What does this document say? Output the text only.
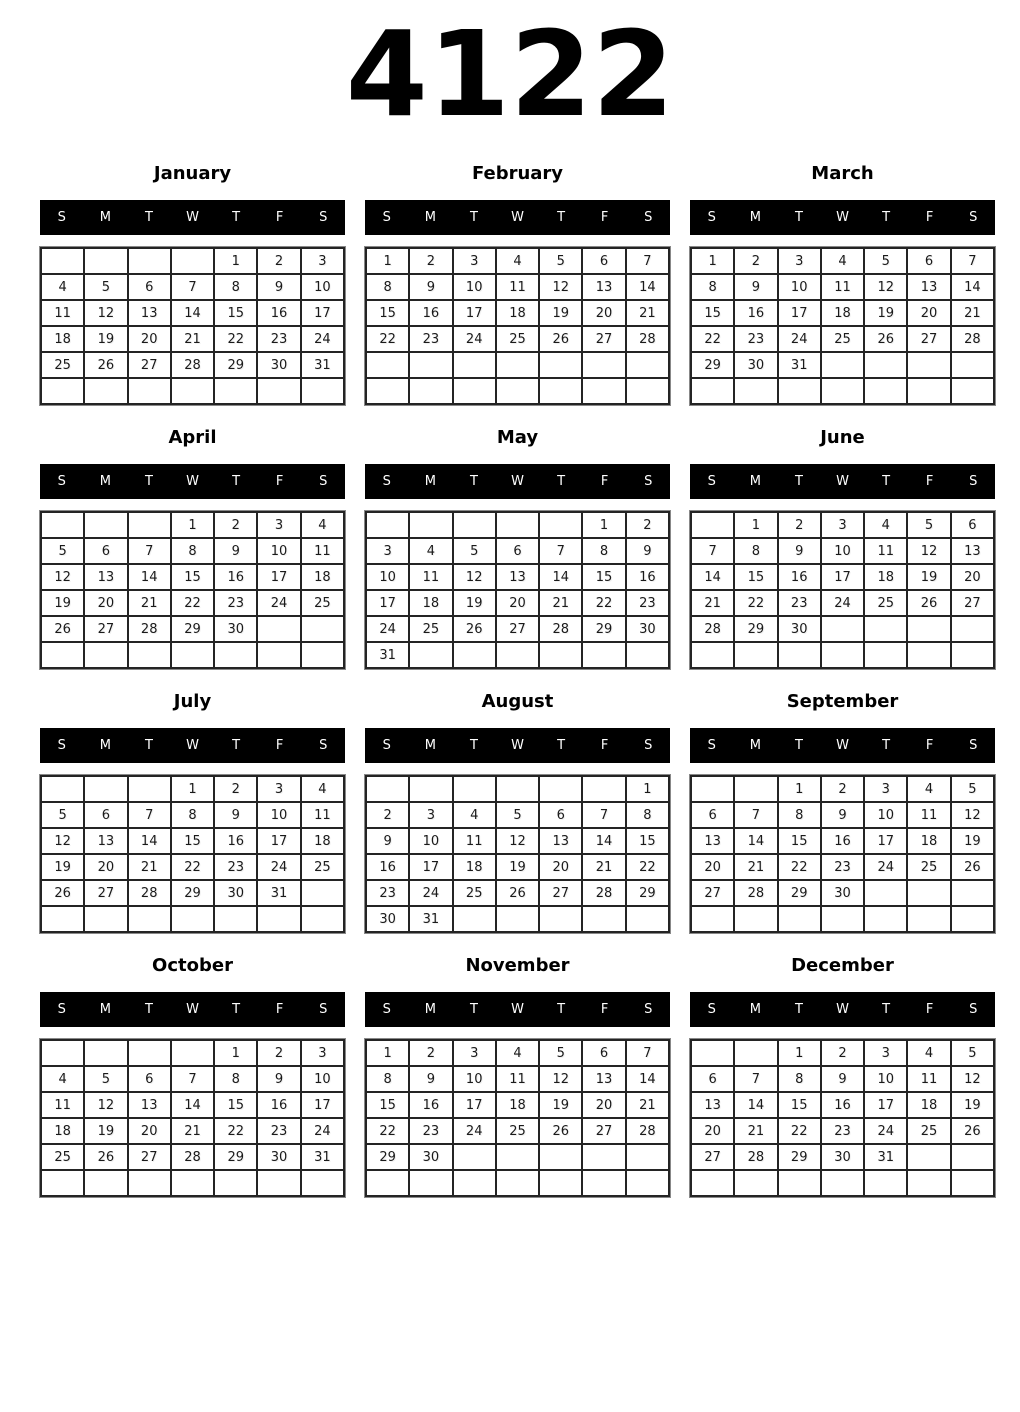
4122
January
S	M	T	W	T	F	S
				1	2	3
4	5	6	7	8	9	10
11	12	13	14	15	16	17
18	19	20	21	22	23	24
25	26	27	28	29	30	31

February
S	M	T	W	T	F	S
1	2	3	4	5	6	7
8	9	10	11	12	13	14
15	16	17	18	19	20	21
22	23	24	25	26	27	28

March
S	M	T	W	T	F	S
1	2	3	4	5	6	7
8	9	10	11	12	13	14
15	16	17	18	19	20	21
22	23	24	25	26	27	28
29	30	31				

April
S	M	T	W	T	F	S
			1	2	3	4
5	6	7	8	9	10	11
12	13	14	15	16	17	18
19	20	21	22	23	24	25
26	27	28	29	30		

May
S	M	T	W	T	F	S
					1	2
3	4	5	6	7	8	9
10	11	12	13	14	15	16
17	18	19	20	21	22	23
24	25	26	27	28	29	30
31						
June
S	M	T	W	T	F	S
	1	2	3	4	5	6
7	8	9	10	11	12	13
14	15	16	17	18	19	20
21	22	23	24	25	26	27
28	29	30				

July
S	M	T	W	T	F	S
			1	2	3	4
5	6	7	8	9	10	11
12	13	14	15	16	17	18
19	20	21	22	23	24	25
26	27	28	29	30	31	

August
S	M	T	W	T	F	S
						1
2	3	4	5	6	7	8
9	10	11	12	13	14	15
16	17	18	19	20	21	22
23	24	25	26	27	28	29
30	31					
September
S	M	T	W	T	F	S
		1	2	3	4	5
6	7	8	9	10	11	12
13	14	15	16	17	18	19
20	21	22	23	24	25	26
27	28	29	30			

October
S	M	T	W	T	F	S
				1	2	3
4	5	6	7	8	9	10
11	12	13	14	15	16	17
18	19	20	21	22	23	24
25	26	27	28	29	30	31

November
S	M	T	W	T	F	S
1	2	3	4	5	6	7
8	9	10	11	12	13	14
15	16	17	18	19	20	21
22	23	24	25	26	27	28
29	30					

December
S	M	T	W	T	F	S
		1	2	3	4	5
6	7	8	9	10	11	12
13	14	15	16	17	18	19
20	21	22	23	24	25	26
27	28	29	30	31		
